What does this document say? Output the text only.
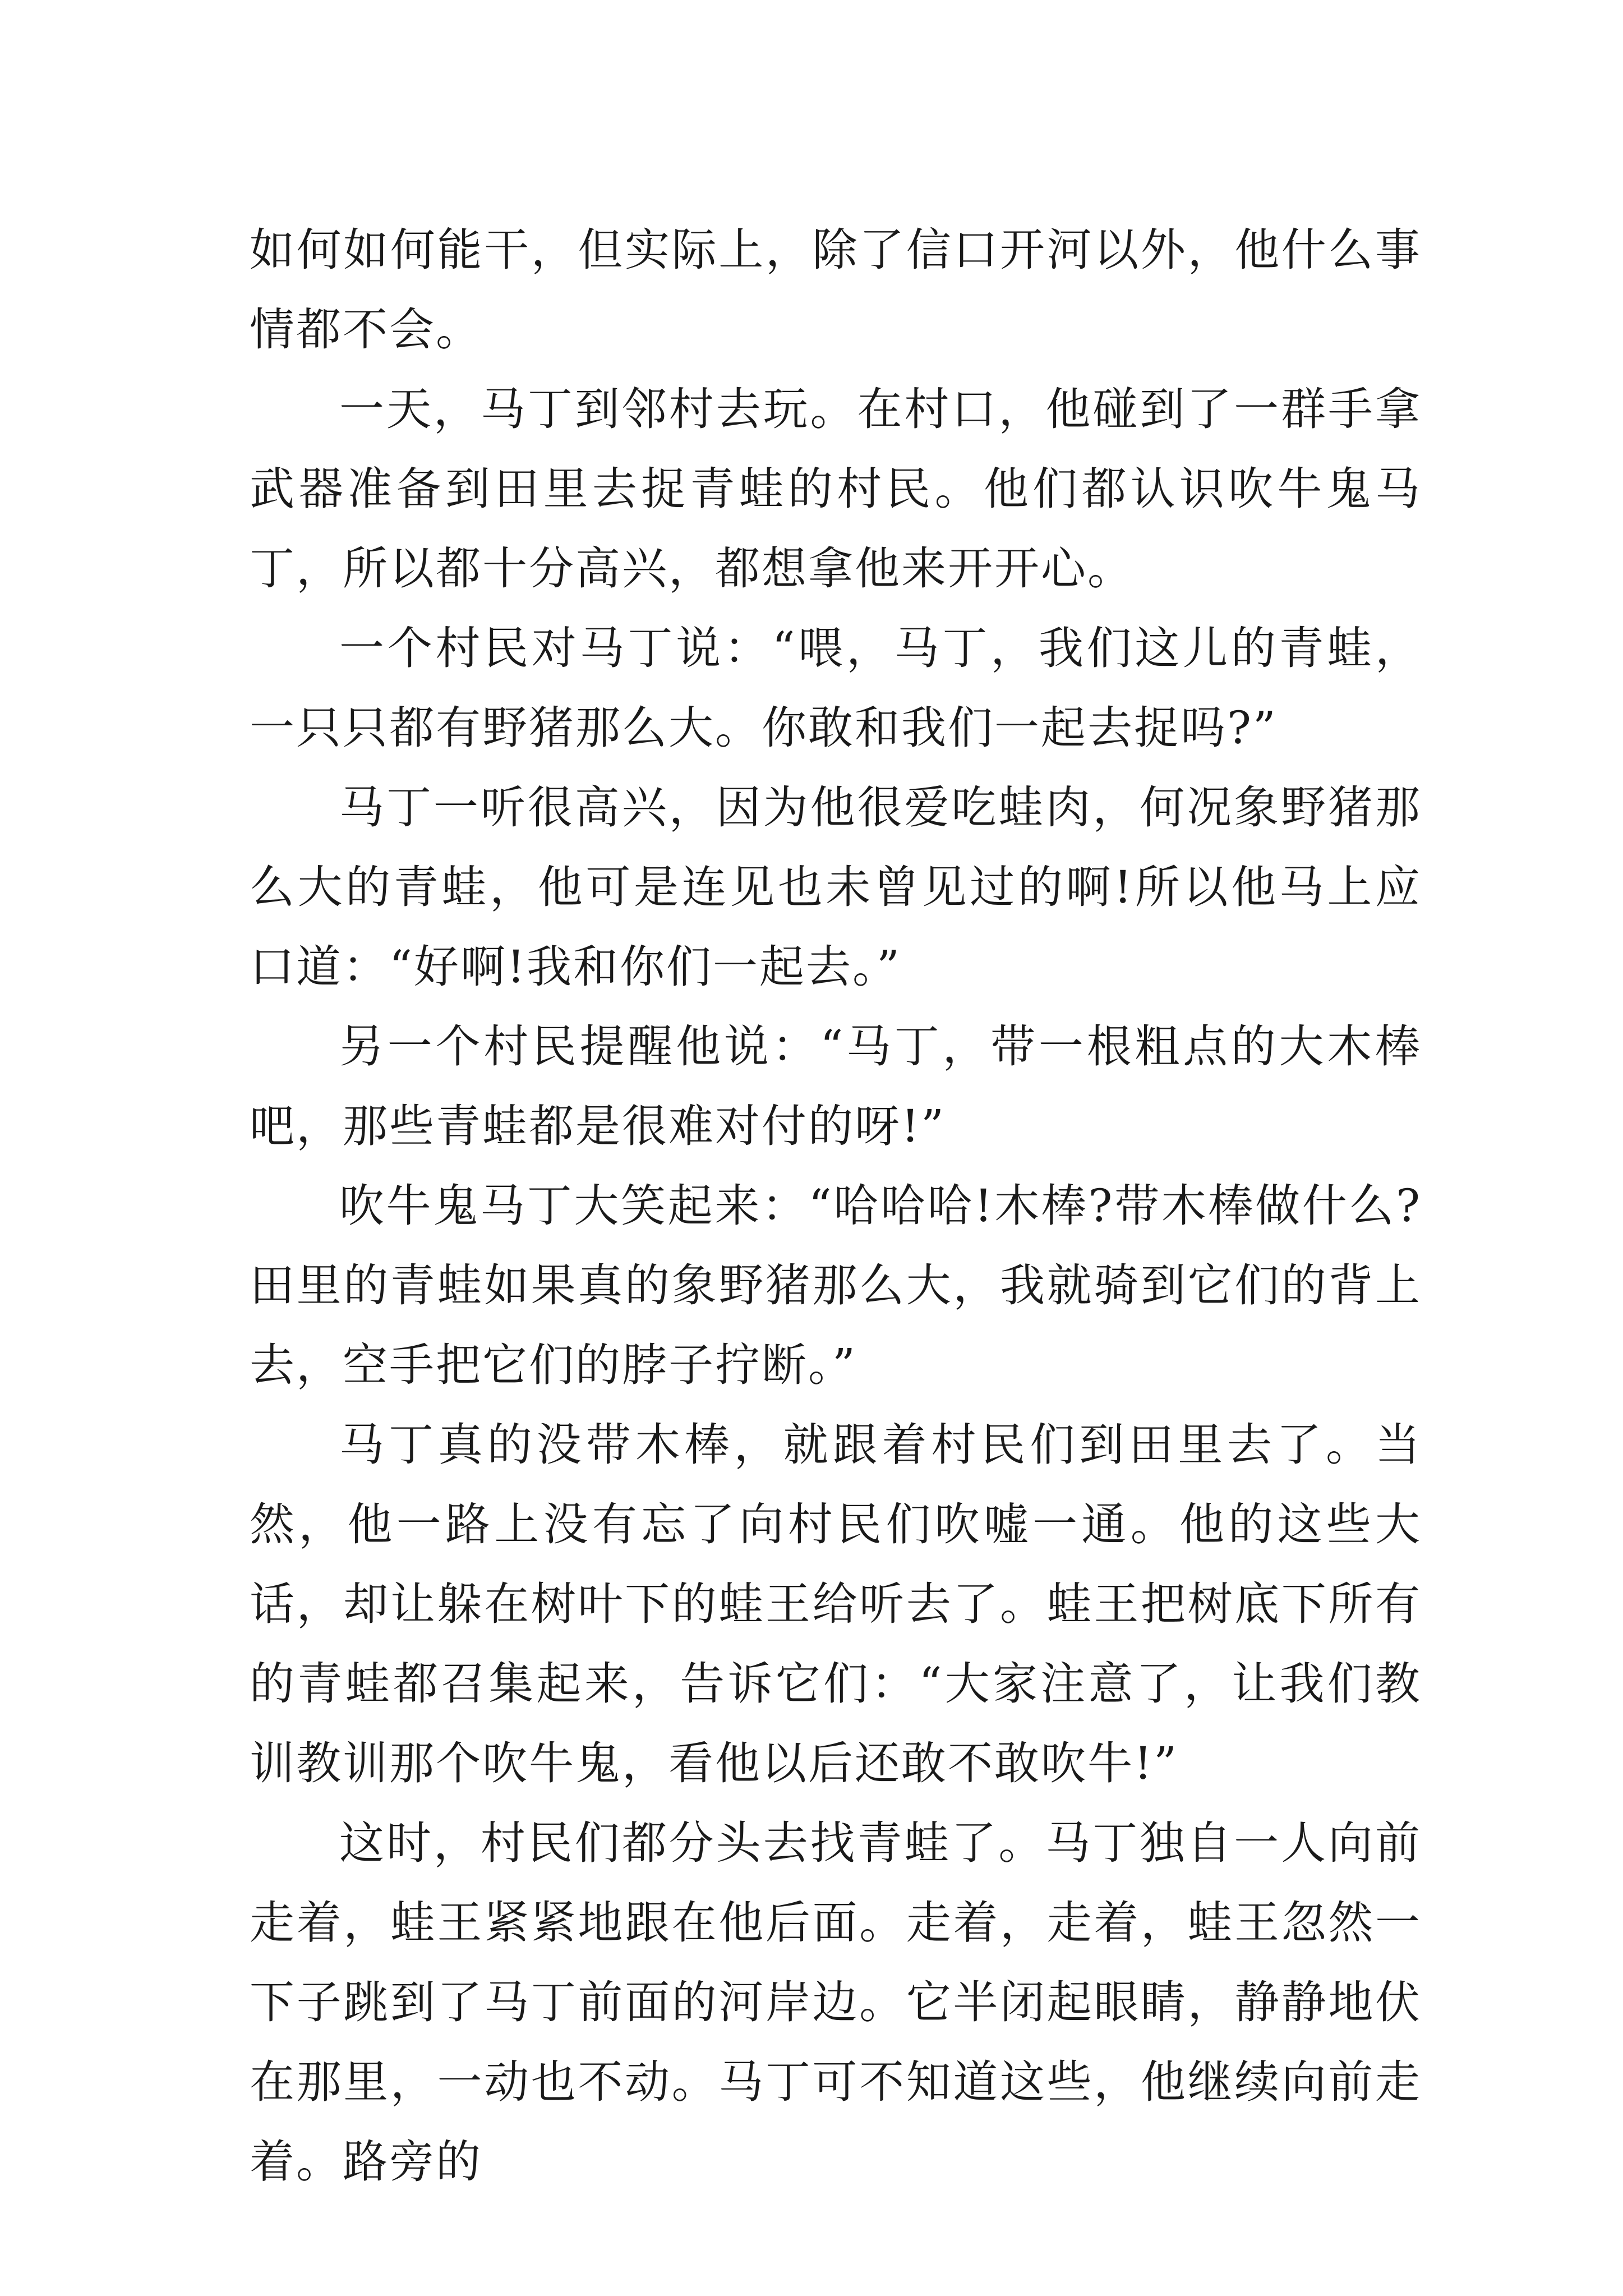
如何如何能干，但实际上，除了信口开河以外，他什么事情都不会。

一天，马丁到邻村去玩。在村口，他碰到了一群手拿武器准备到田里去捉青蛙的村民。他们都认识吹牛鬼马丁，所以都十分高兴，都想拿他来开开心。

一个村民对马丁说：“喂，马丁，我们这儿的青蛙，一只只都有野猪那么大。你敢和我们一起去捉吗?”

马丁一听很高兴，因为他很爱吃蛙肉，何况象野猪那么大的青蛙，他可是连见也未曾见过的啊!所以他马上应口道：“好啊!我和你们一起去。”

另一个村民提醒他说：“马丁，带一根粗点的大木棒吧，那些青蛙都是很难对付的呀!”

吹牛鬼马丁大笑起来：“哈哈哈!木棒?带木棒做什么?田里的青蛙如果真的象野猪那么大，我就骑到它们的背上去，空手把它们的脖子拧断。”

马丁真的没带木棒，就跟着村民们到田里去了。当然，他一路上没有忘了向村民们吹嘘一通。他的这些大话，却让躲在树叶下的蛙王给听去了。蛙王把树底下所有的青蛙都召集起来，告诉它们：“大家注意了，让我们教训教训那个吹牛鬼，看他以后还敢不敢吹牛!”

这时，村民们都分头去找青蛙了。马丁独自一人向前走着，蛙王紧紧地跟在他后面。走着，走着，蛙王忽然一下子跳到了马丁前面的河岸边。它半闭起眼睛，静静地伏在那里，一动也不动。马丁可不知道这些，他继续向前走着。路旁的
